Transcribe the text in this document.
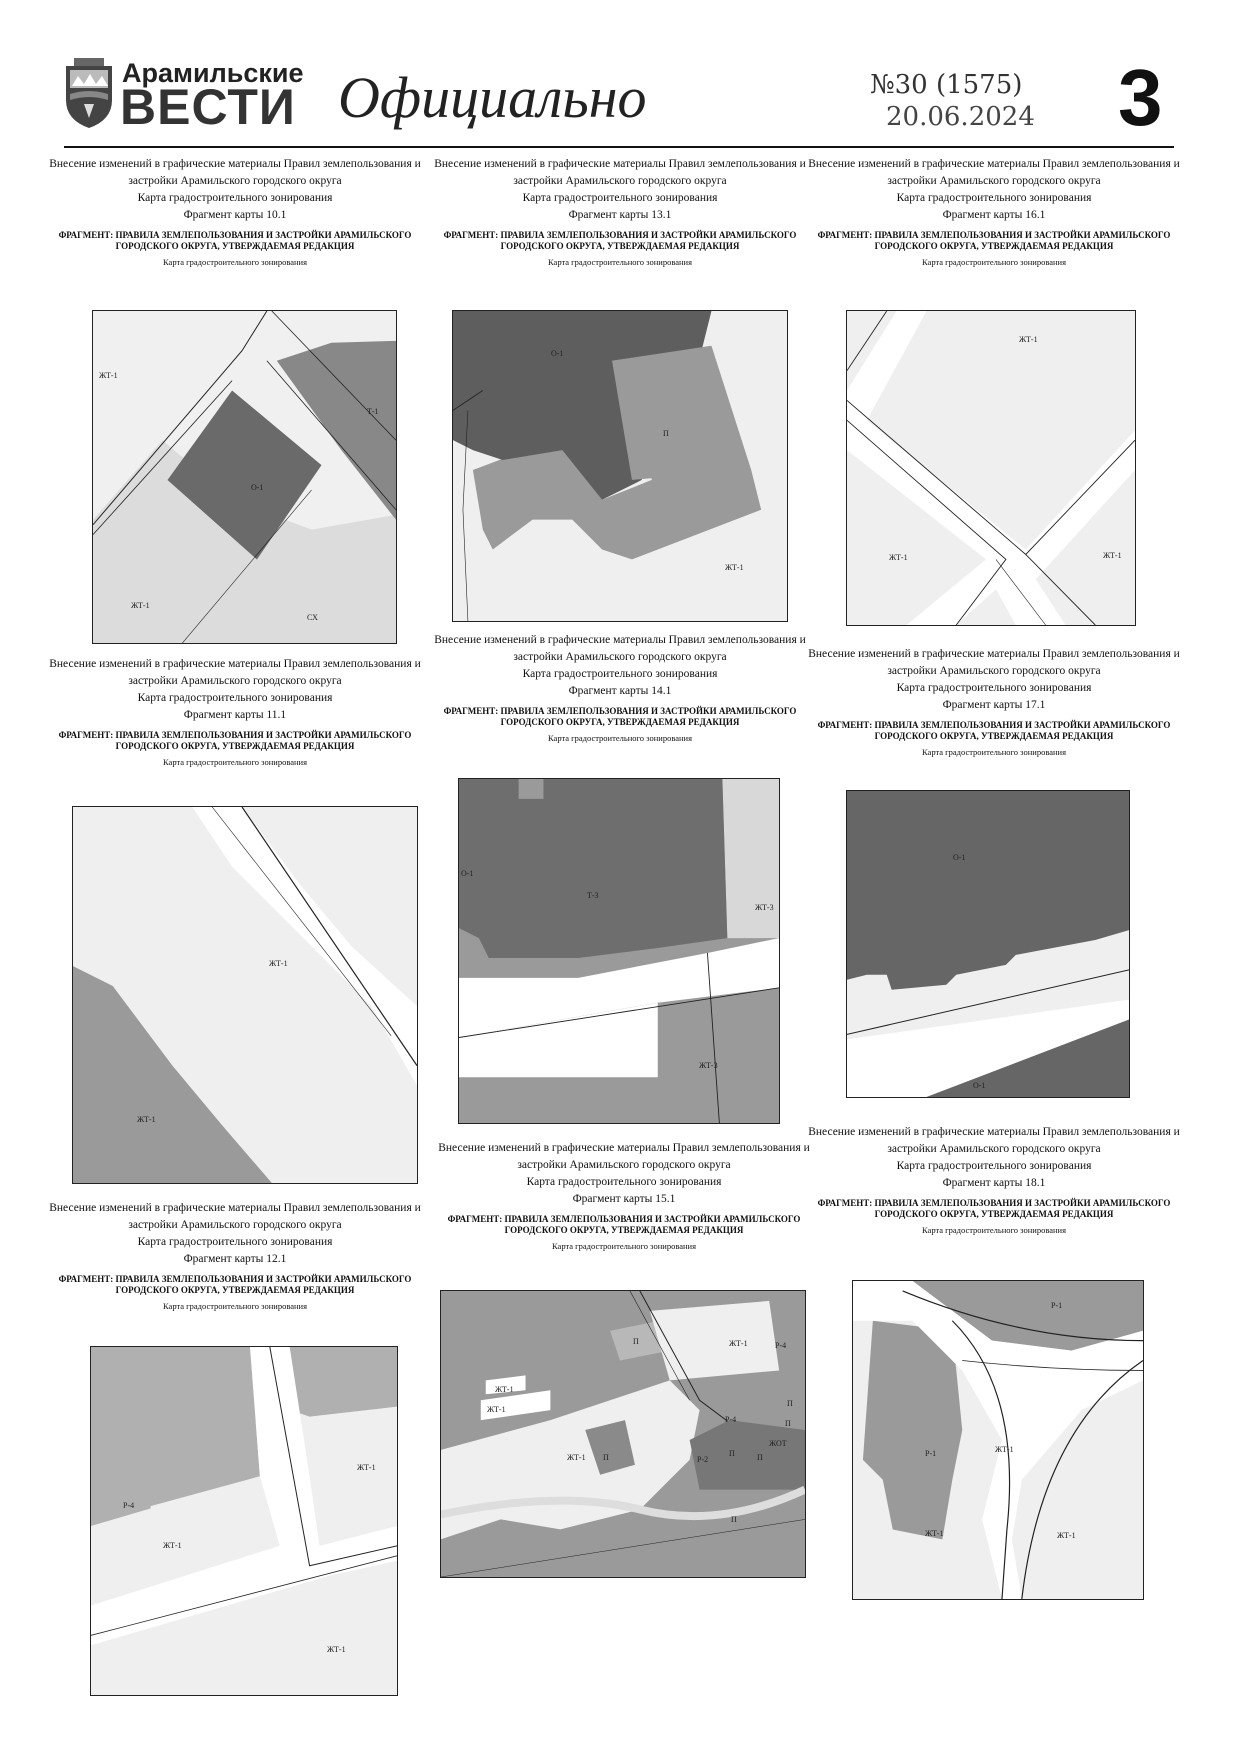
Арамильские
ВЕСТИ Официально	№30 (1575)
20.06.2024 3
Внесение изменений в графические материалы Правил землепользования и
застройки Арамильского городского округа
Карта градостроительного зонирования
Фрагмент карты 10.1
ФРАГМЕНТ: ПРАВИЛА ЗЕМЛЕПОЛЬЗОВАНИЯ И ЗАСТРОЙКИ АРАМИЛЬСКОГО
ГОРОДСКОГО ОКРУГА, УТВЕРЖДАЕМАЯ РЕДАКЦИЯ
Карта градостроительного зонирования
Внесение изменений в графические материалы Правил землепользования и
застройки Арамильского городского округа
Карта градостроительного зонирования
Фрагмент карты 13.1
ФРАГМЕНТ: ПРАВИЛА ЗЕМЛЕПОЛЬЗОВАНИЯ И ЗАСТРОЙКИ АРАМИЛЬСКОГО
ГОРОДСКОГО ОКРУГА, УТВЕРЖДАЕМАЯ РЕДАКЦИЯ
Карта градостроительного зонирования
Внесение изменений в графические материалы Правил землепользования и
застройки Арамильского городского округа
Карта градостроительного зонирования
Фрагмент карты 16.1
ФРАГМЕНТ: ПРАВИЛА ЗЕМЛЕПОЛЬЗОВАНИЯ И ЗАСТРОЙКИ АРАМИЛЬСКОГО
ГОРОДСКОГО ОКРУГА, УТВЕРЖДАЕМАЯ РЕДАКЦИЯ
Карта градостроительного зонирования
Внесение изменений в графические материалы Правил землепользования и
застройки Арамильского городского округа
Карта градостроительного зонирования
Фрагмент карты 11.1
ФРАГМЕНТ: ПРАВИЛА ЗЕМЛЕПОЛЬЗОВАНИЯ И ЗАСТРОЙКИ АРАМИЛЬСКОГО
ГОРОДСКОГО ОКРУГА, УТВЕРЖДАЕМАЯ РЕДАКЦИЯ
Карта градостроительного зонирования
Внесение изменений в графические материалы Правил землепользования и
застройки Арамильского городского округа
Карта градостроительного зонирования
Фрагмент карты 14.1
ФРАГМЕНТ: ПРАВИЛА ЗЕМЛЕПОЛЬЗОВАНИЯ И ЗАСТРОЙКИ АРАМИЛЬСКОГО
ГОРОДСКОГО ОКРУГА, УТВЕРЖДАЕМАЯ РЕДАКЦИЯ
Карта градостроительного зонирования
Внесение изменений в графические материалы Правил землепользования и
застройки Арамильского городского округа
Карта градостроительного зонирования
Фрагмент карты 17.1
ФРАГМЕНТ: ПРАВИЛА ЗЕМЛЕПОЛЬЗОВАНИЯ И ЗАСТРОЙКИ АРАМИЛЬСКОГО
ГОРОДСКОГО ОКРУГА, УТВЕРЖДАЕМАЯ РЕДАКЦИЯ
Карта градостроительного зонирования
Внесение изменений в графические материалы Правил землепользования и
застройки Арамильского городского округа
Карта градостроительного зонирования
Фрагмент карты 12.1
ФРАГМЕНТ: ПРАВИЛА ЗЕМЛЕПОЛЬЗОВАНИЯ И ЗАСТРОЙКИ АРАМИЛЬСКОГО
ГОРОДСКОГО ОКРУГА, УТВЕРЖДАЕМАЯ РЕДАКЦИЯ
Карта градостроительного зонирования
Внесение изменений в графические материалы Правил землепользования и
застройки Арамильского городского округа
Карта градостроительного зонирования
Фрагмент карты 15.1
ФРАГМЕНТ: ПРАВИЛА ЗЕМЛЕПОЛЬЗОВАНИЯ И ЗАСТРОЙКИ АРАМИЛЬСКОГО
ГОРОДСКОГО ОКРУГА, УТВЕРЖДАЕМАЯ РЕДАКЦИЯ
Карта градостроительного зонирования
Внесение изменений в графические материалы Правил землепользования и
застройки Арамильского городского округа
Карта градостроительного зонирования
Фрагмент карты 18.1
ФРАГМЕНТ: ПРАВИЛА ЗЕМЛЕПОЛЬЗОВАНИЯ И ЗАСТРОЙКИ АРАМИЛЬСКОГО
ГОРОДСКОГО ОКРУГА, УТВЕРЖДАЕМАЯ РЕДАКЦИЯ
Карта градостроительного зонирования
ЖТ-1
Т-1
О-1
ЖТ-1
СХ
О-1
П
ЖТ-1
ЖТ-1
ЖТ-1	ЖТ-1
ЖТ-1
ЖТ-1
О-1
Т-3
ЖТ-3
ЖТ-3
О-1
О-1
ЖТ-1
Р-4
ЖТ-1
ЖТ-1
ЖТ-1
ЖТ-1
П
ЖТ-1
Р-4
П
ЖТ-1
П
Р-4	П
П
П
П
Р-2
ЖОТ
Р-1
Р-1	ЖТ-1
ЖТ-1	ЖТ-1
